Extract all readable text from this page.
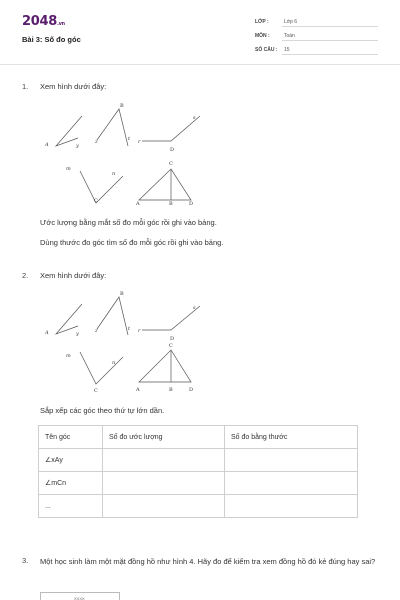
2048.vn
Bài 3: Số đo góc
LỚP :	Lớp 6
MÔN :	Toán
SỐ CÂU : 15
1. Xem hình dưới đây:
A	y
B
z	t r
s
D
m
n
C
C
A	B	D
Ước lượng bằng mắt số đo mỗi góc rồi ghi vào bảng.
Dùng thước đo góc tìm số đo mỗi góc rồi ghi vào bảng.
2. Xem hình dưới đây:
A	y
B
z	t r
s
D
m
n
C
C
A	B	D
Sắp xếp các góc theo thứ tự lớn dần.
Tên góc	Số đo ước lượng	Số đo bằng thước
∠xAy		
∠mCn		
...		
3. Một học sinh làm một mặt đồng hồ như hình 4. Hãy đo để kiểm tra xem đồng hồ đó kẻ đúng hay sai?
XXXX
